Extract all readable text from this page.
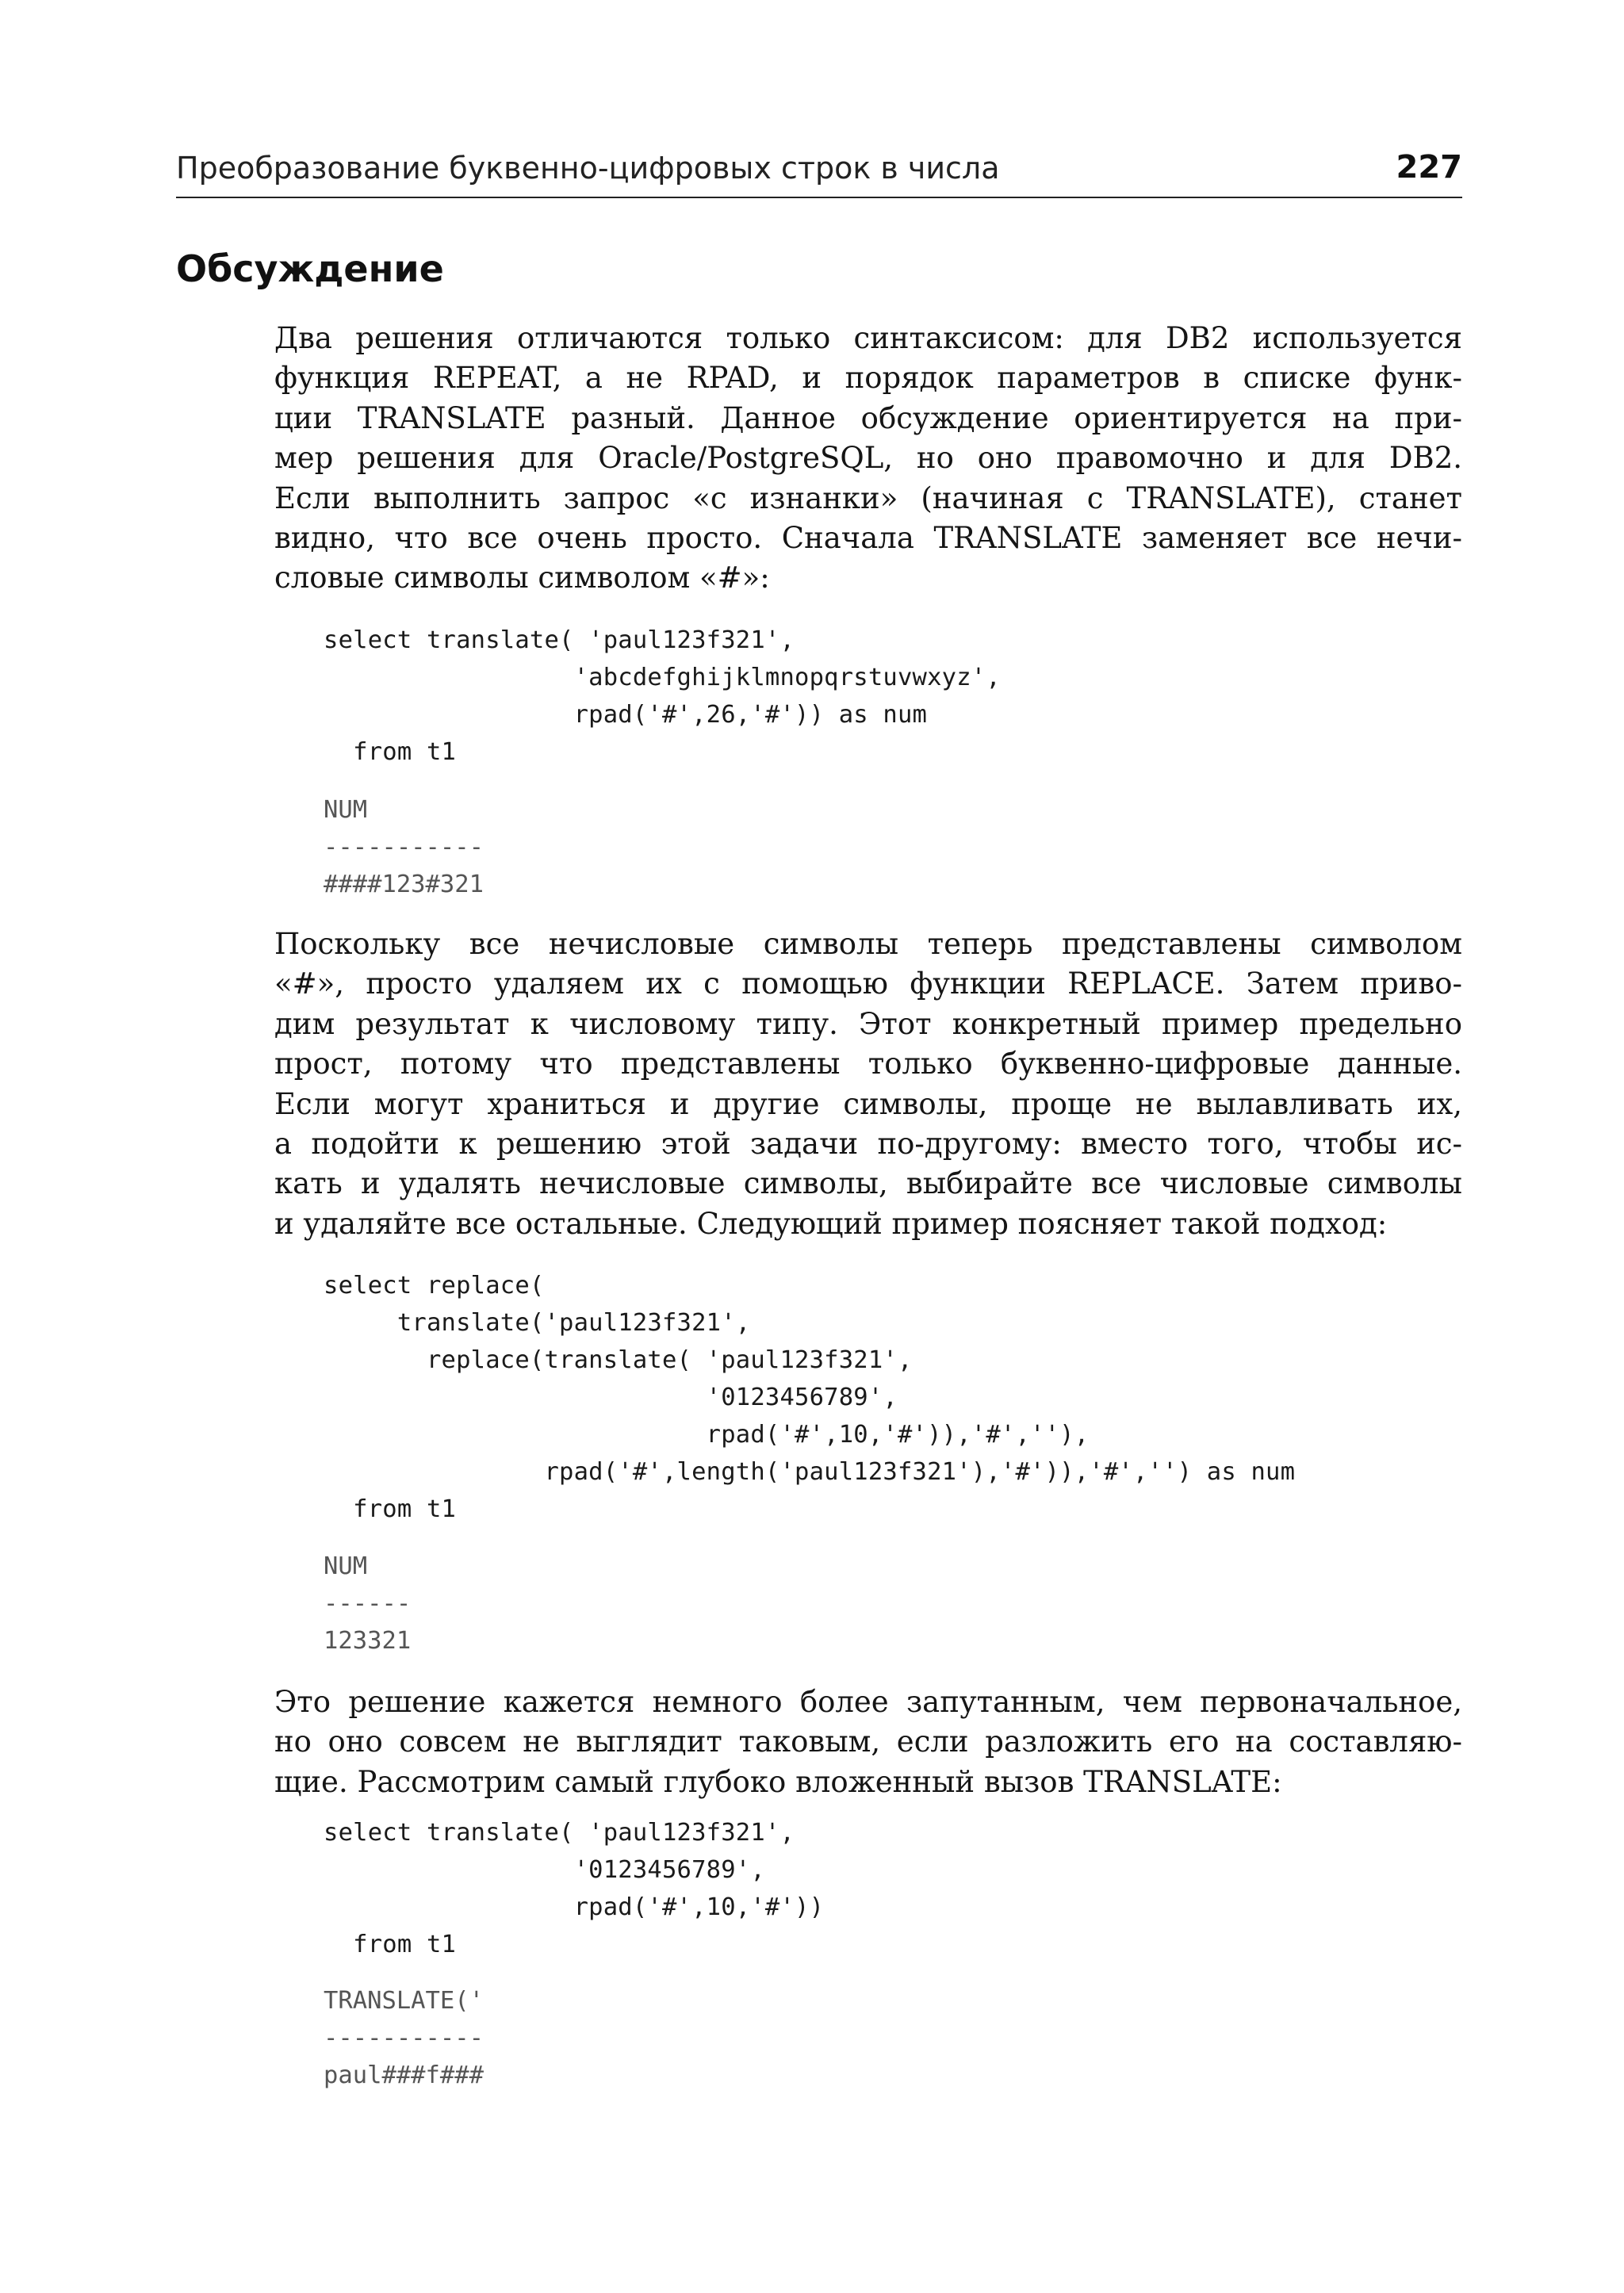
Преобразование буквенно-цифровых строк в числа	227
Обсуждение

Два решения отличаются только синтаксисом: для DB2 используется
функция REPEAT, а не RPAD, и порядок параметров в списке функ-
ции TRANSLATE разный. Данное обсуждение ориентируется на при-
мер решения для Oracle/PostgreSQL, но оно правомочно и для DB2.
Если выполнить запрос «с изнанки» (начиная с TRANSLATE), станет
видно, что все очень просто. Сначала TRANSLATE заменяет все нечи-
словые символы символом «#»:

select translate( 'paul123f321',
'abcdefghijklmnopqrstuvwxyz',
rpad('#',26,'#')) as num
from t1
NUM
-----------
####123#321

Поскольку все нечисловые символы теперь представлены символом
«#», просто удаляем их с помощью функции REPLACE. Затем приво-
дим результат к числовому типу. Этот конкретный пример предельно
прост, потому что представлены только буквенно-цифровые данные.
Если могут храниться и другие символы, проще не вылавливать их,
а подойти к решению этой задачи по-другому: вместо того, чтобы ис-
кать и удалять нечисловые символы, выбирайте все числовые символы
и удаляйте все остальные. Следующий пример поясняет такой подход:

select replace(
translate('paul123f321',
replace(translate( 'paul123f321',
'0123456789',
rpad('#',10,'#')),'#',''),
rpad('#',length('paul123f321'),'#')),'#','') as num
from t1
NUM
------
123321

Это решение кажется немного более запутанным, чем первоначальное,
но оно совсем не выглядит таковым, если разложить его на составляю-
щие. Рассмотрим самый глубоко вложенный вызов TRANSLATE:

select translate( 'paul123f321',
'0123456789',
rpad('#',10,'#'))
from t1
TRANSLATE('
-----------
paul###f###
